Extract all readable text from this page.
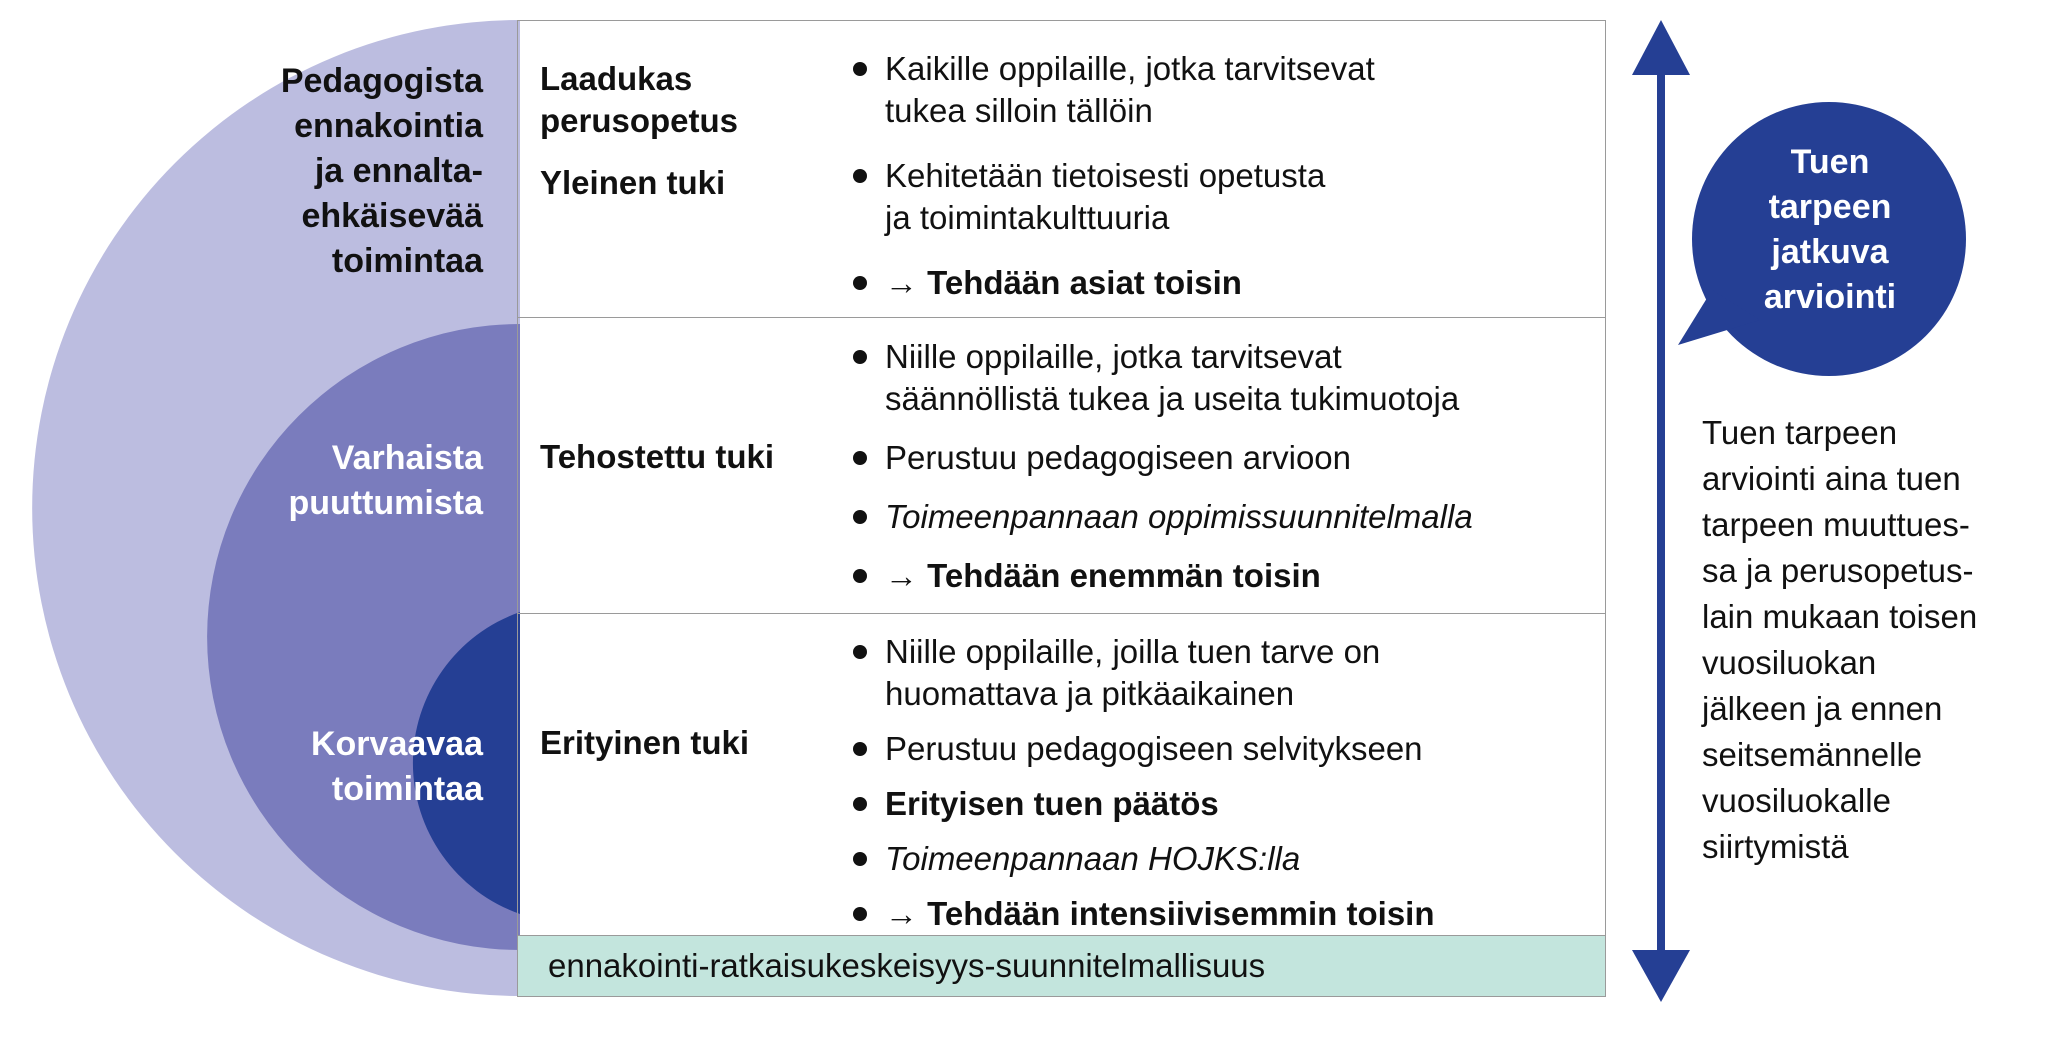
Pedagogista
ennakointia
ja ennalta-
ehkäisevää
toimintaa
Varhaista
puuttumista
Korvaavaa
toimintaa
Laadukas
perusopetus
Yleinen tuki
Kaikille oppilaille, jotka tarvitsevat
tukea silloin tällöin
Kehitetään tietoisesti opetusta
ja toimintakulttuuria
→ Tehdään asiat toisin
Tehostettu tuki
Niille oppilaille, jotka tarvitsevat
säännöllistä tukea ja useita tukimuotoja
Perustuu pedagogiseen arvioon
Toimeenpannaan oppimissuunnitelmalla
→ Tehdään enemmän toisin
Erityinen tuki
Niille oppilaille, joilla tuen tarve on
huomattava ja pitkäaikainen
Perustuu pedagogiseen selvitykseen
Erityisen tuen päätös
Toimeenpannaan HOJKS:lla
→ Tehdään intensiivisemmin toisin
ennakointi-ratkaisukeskeisyys-suunnitelmallisuus
Tuen
tarpeen
jatkuva
arviointi
Tuen tarpeen
arviointi aina tuen
tarpeen muuttues-
sa ja perusopetus-
lain mukaan toisen
vuosiluokan
jälkeen ja ennen
seitsemännelle
vuosiluokalle
siirtymistä
